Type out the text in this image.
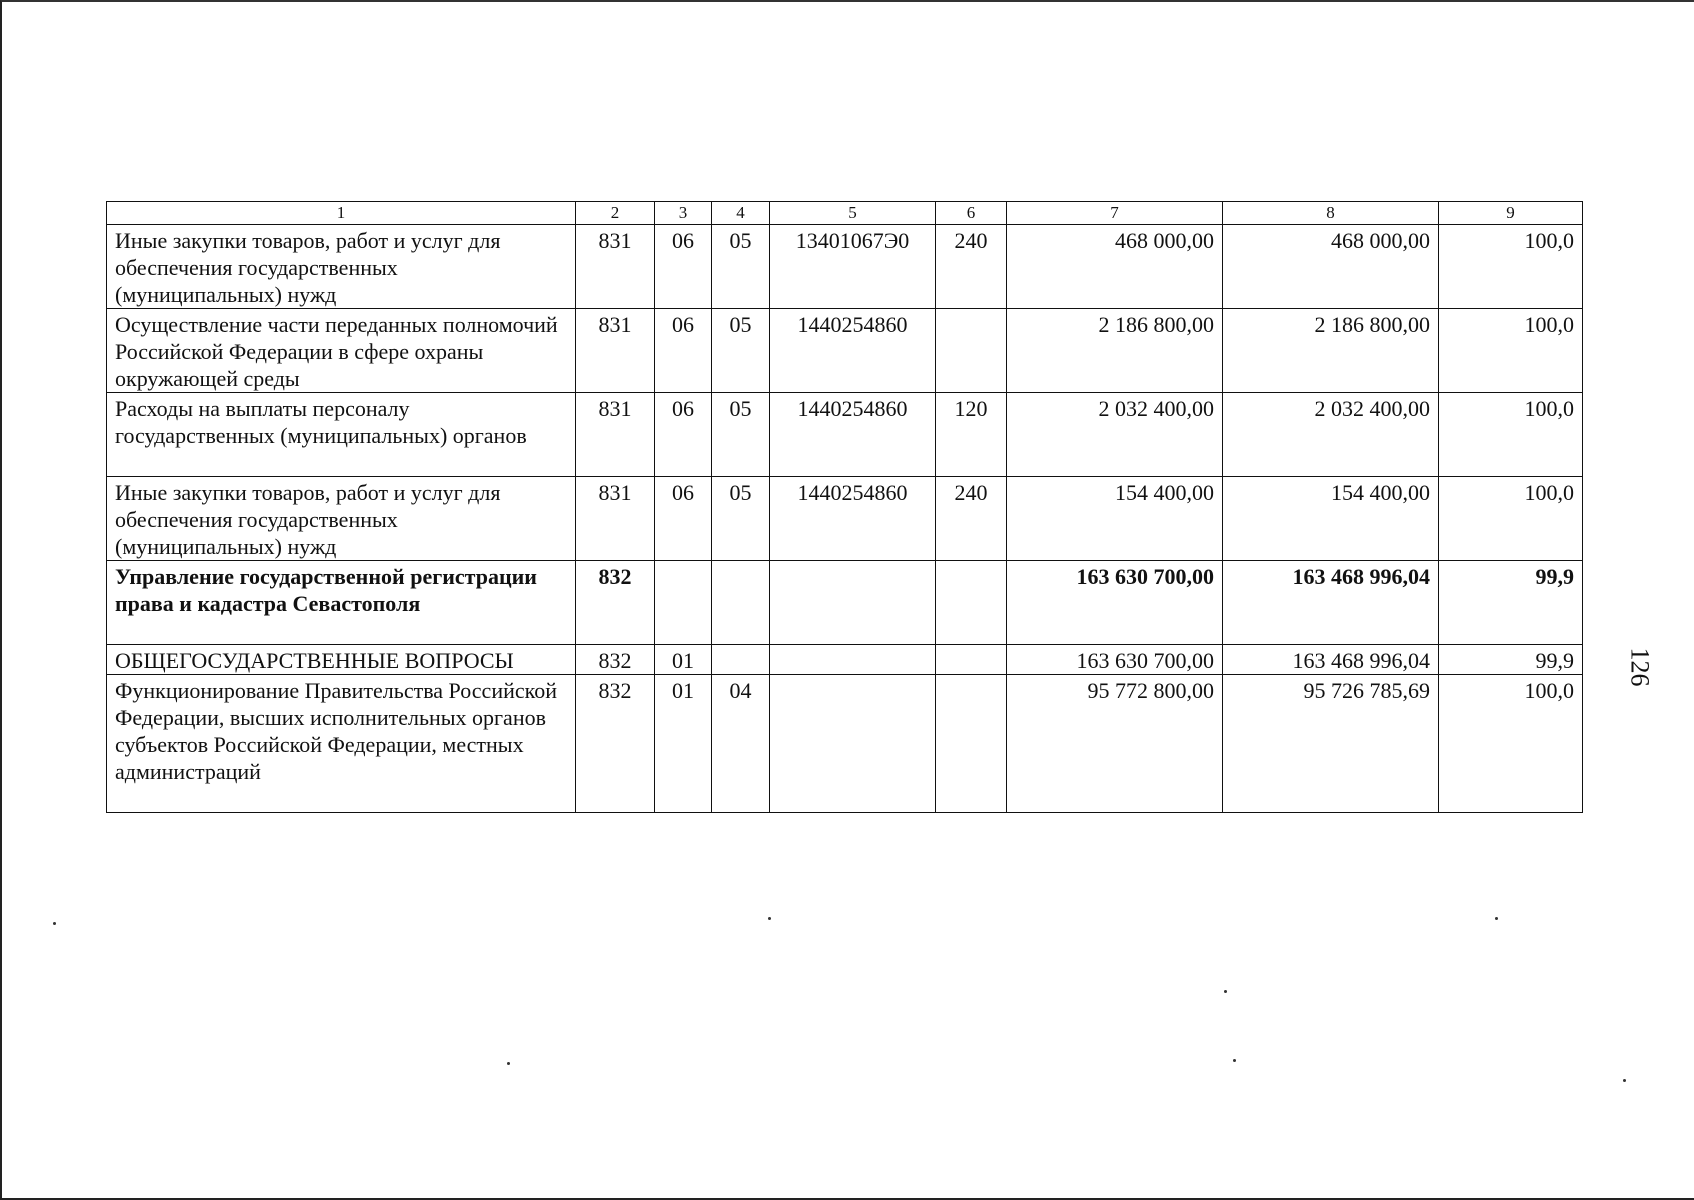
1	2	3	4	5	6	7	8	9
Иные закупки товаров, работ и услуг для обеспечения государственных (муниципальных) нужд	831	06	05	13401067Э0	240	468 000,00	468 000,00	100,0
Осуществление части переданных полномочий Российской Федерации в сфере охраны окружающей среды	831	06	05	1440254860		2 186 800,00	2 186 800,00	100,0
Расходы на выплаты персоналу государственных (муниципальных) органов	831	06	05	1440254860	120	2 032 400,00	2 032 400,00	100,0
Иные закупки товаров, работ и услуг для обеспечения государственных (муниципальных) нужд	831	06	05	1440254860	240	154 400,00	154 400,00	100,0
Управление государственной регистрации права и кадастра Севастополя	832					163 630 700,00	163 468 996,04	99,9
ОБЩЕГОСУДАРСТВЕННЫЕ ВОПРОСЫ	832	01				163 630 700,00	163 468 996,04	99,9
Функционирование Правительства Российской Федерации, высших исполнительных органов субъектов Российской Федерации, местных администраций	832	01	04			95 772 800,00	95 726 785,69	100,0
126
